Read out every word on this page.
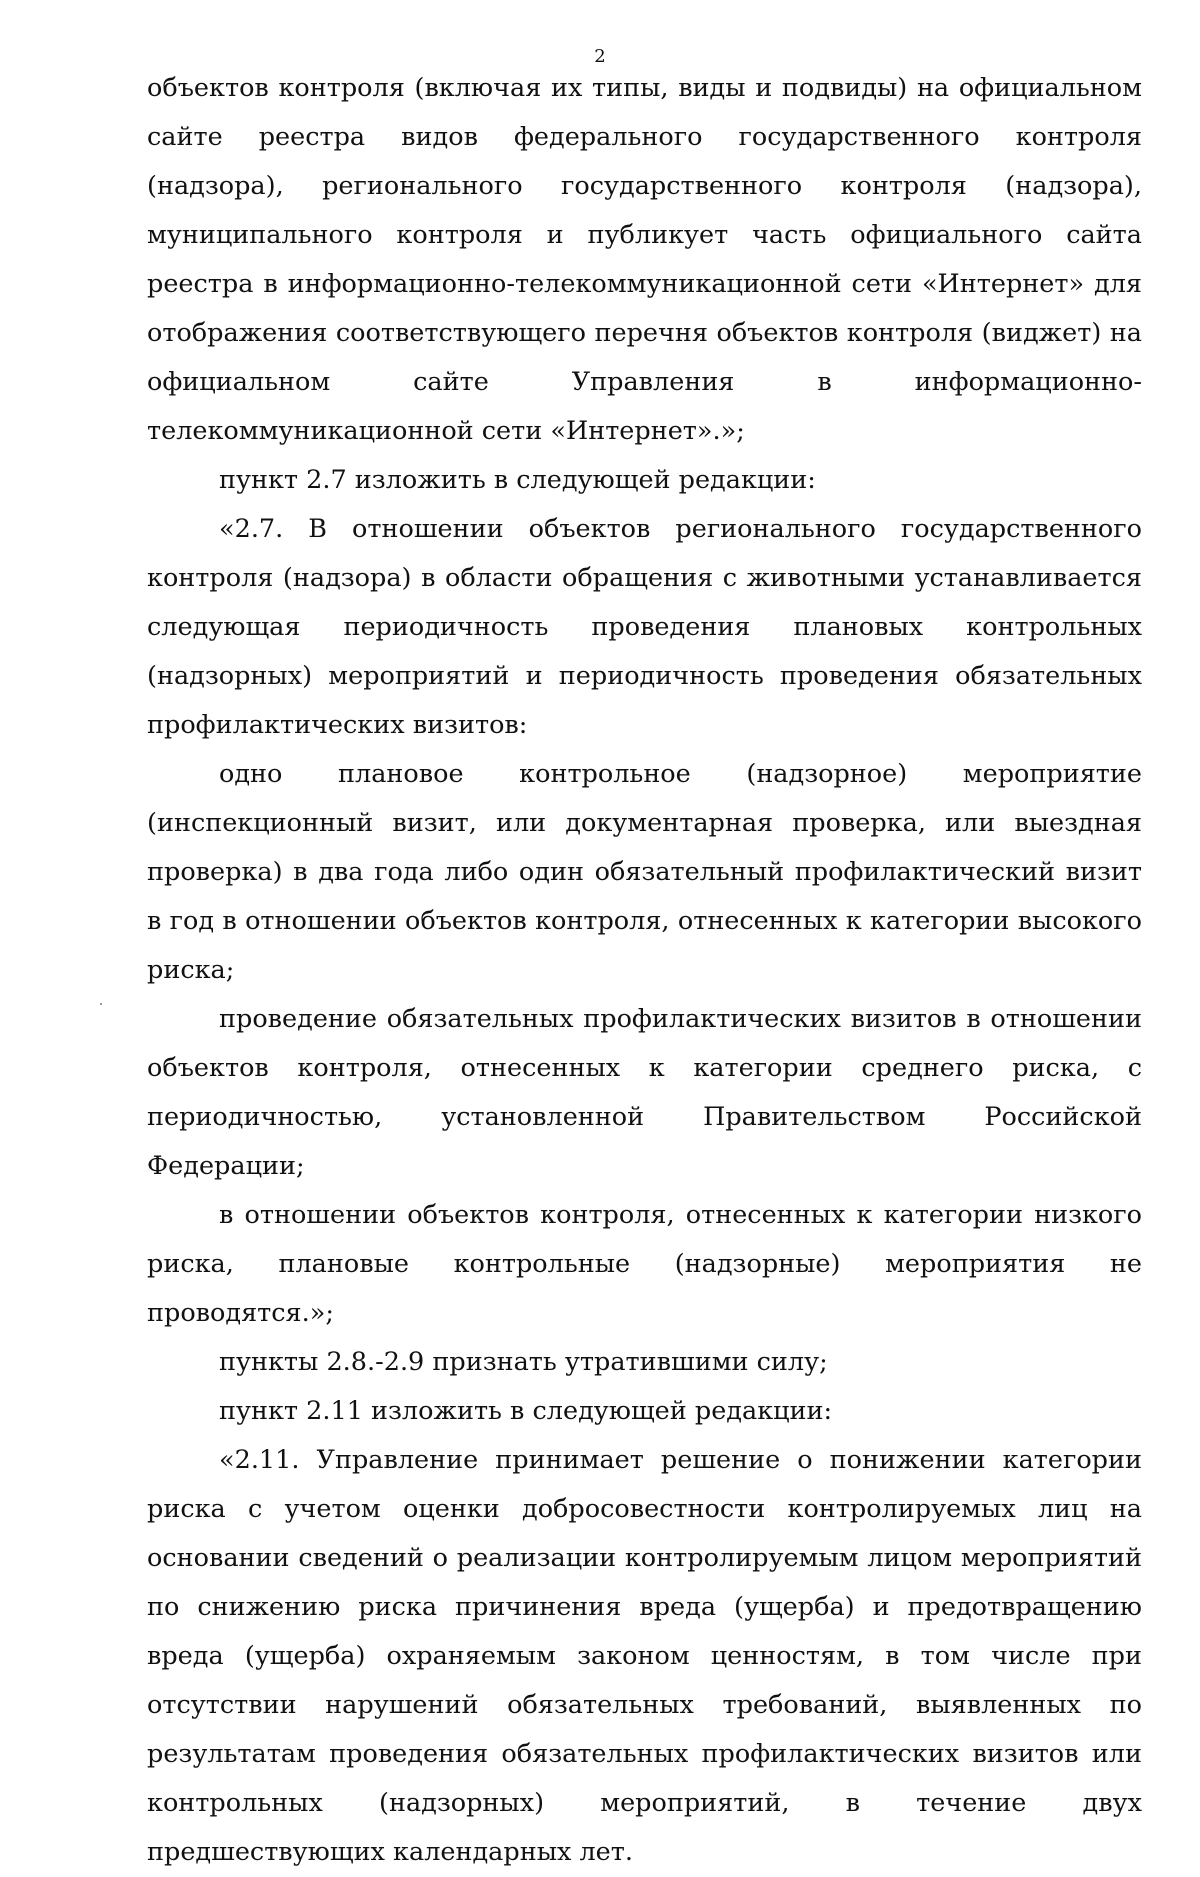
2

объектов контроля (включая их типы, виды и подвиды) на официальном сайте реестра видов федерального государственного контроля (надзора), регионального государственного контроля (надзора), муниципального контроля и публикует часть официального сайта реестра в информационно-телекоммуникационной сети «Интернет» для отображения соответствующего перечня объектов контроля (виджет) на официальном сайте Управления в информационно-телекоммуникационной сети «Интернет».»;

пункт 2.7 изложить в следующей редакции:

«2.7. В отношении объектов регионального государственного контроля (надзора) в области обращения с животными устанавливается следующая периодичность проведения плановых контрольных (надзорных) мероприятий и периодичность проведения обязательных профилактических визитов:

одно плановое контрольное (надзорное) мероприятие (инспекционный визит, или документарная проверка, или выездная проверка) в два года либо один обязательный профилактический визит в год в отношении объектов контроля, отнесенных к категории высокого риска;

проведение обязательных профилактических визитов в отношении объектов контроля, отнесенных к категории среднего риска, с периодичностью, установленной Правительством Российской Федерации;

в отношении объектов контроля, отнесенных к категории низкого риска, плановые контрольные (надзорные) мероприятия не проводятся.»;

пункты 2.8.-2.9 признать утратившими силу;

пункт 2.11 изложить в следующей редакции:

«2.11. Управление принимает решение о понижении категории риска с учетом оценки добросовестности контролируемых лиц на основании сведений о реализации контролируемым лицом мероприятий по снижению риска причинения вреда (ущерба) и предотвращению вреда (ущерба) охраняемым законом ценностям, в том числе при отсутствии нарушений обязательных требований, выявленных по результатам проведения обязательных профилактических визитов или контрольных (надзорных) мероприятий, в течение двух предшествующих календарных лет.
